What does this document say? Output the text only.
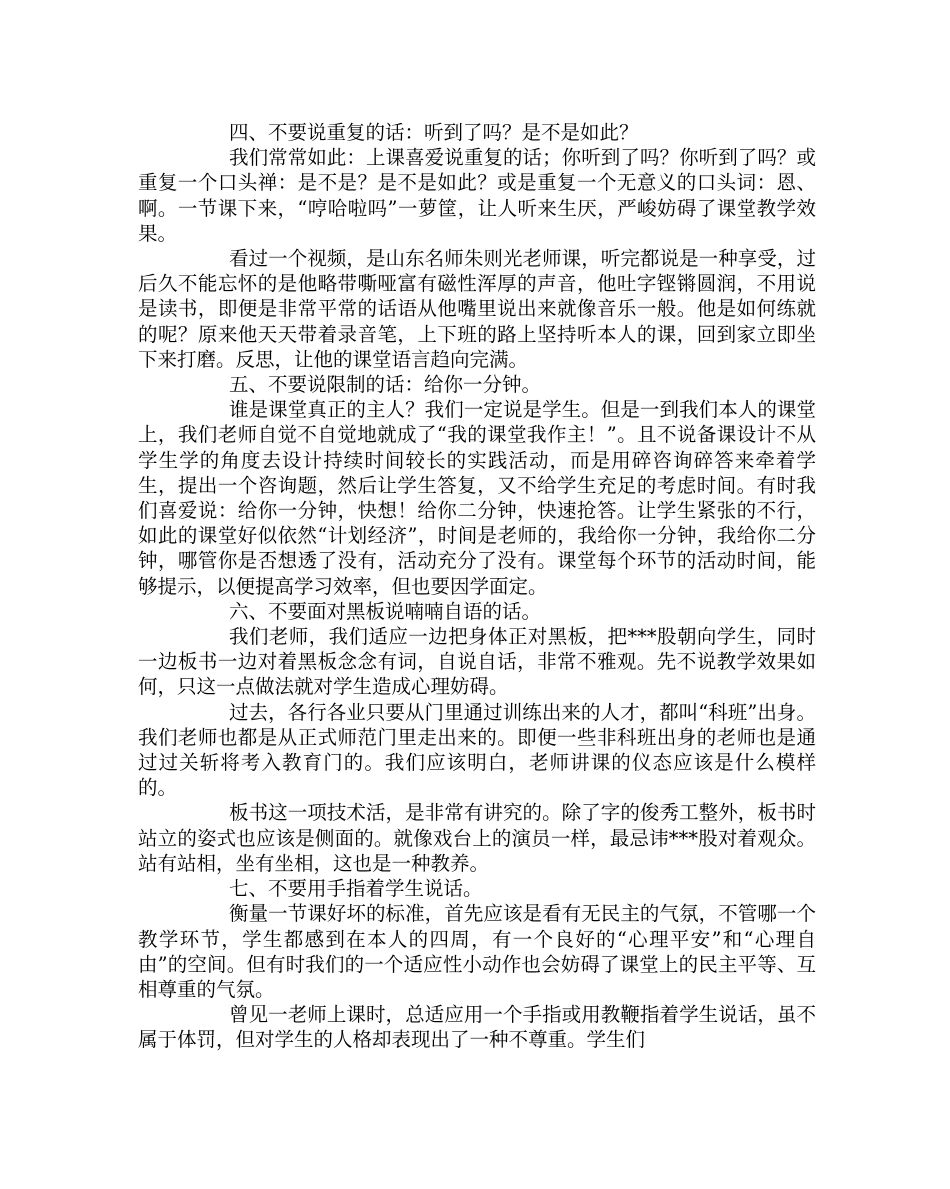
四、不要说重复的话：听到了吗？是不是如此？

我们常常如此：上课喜爱说重复的话；你听到了吗？你听到了吗？或重复一个口头禅：是不是？是不是如此？或是重复一个无意义的口头词：恩、啊。一节课下来，“哼哈啦吗”一萝筐，让人听来生厌，严峻妨碍了课堂教学效果。

看过一个视频，是山东名师朱则光老师课，听完都说是一种享受，过后久不能忘怀的是他略带嘶哑富有磁性浑厚的声音，他吐字铿锵圆润，不用说是读书，即便是非常平常的话语从他嘴里说出来就像音乐一般。他是如何练就的呢？原来他天天带着录音笔，上下班的路上坚持听本人的课，回到家立即坐下来打磨。反思，让他的课堂语言趋向完满。

五、不要说限制的话：给你一分钟。

谁是课堂真正的主人？我们一定说是学生。但是一到我们本人的课堂上，我们老师自觉不自觉地就成了“我的课堂我作主！”。且不说备课设计不从学生学的角度去设计持续时间较长的实践活动，而是用碎咨询碎答来牵着学生，提出一个咨询题，然后让学生答复，又不给学生充足的考虑时间。有时我们喜爱说：给你一分钟，快想！给你二分钟，快速抢答。让学生紧张的不行，如此的课堂好似依然“计划经济”，时间是老师的，我给你一分钟，我给你二分钟，哪管你是否想透了没有，活动充分了没有。课堂每个环节的活动时间，能够提示，以便提高学习效率，但也要因学面定。

六、不要面对黑板说喃喃自语的话。

我们老师，我们适应一边把身体正对黑板，把***股朝向学生，同时一边板书一边对着黑板念念有词，自说自话，非常不雅观。先不说教学效果如何，只这一点做法就对学生造成心理妨碍。

过去，各行各业只要从门里通过训练出来的人才，都叫“科班”出身。我们老师也都是从正式师范门里走出来的。即便一些非科班出身的老师也是通过过关斩将考入教育门的。我们应该明白，老师讲课的仪态应该是什么模样的。

板书这一项技术活，是非常有讲究的。除了字的俊秀工整外，板书时站立的姿式也应该是侧面的。就像戏台上的演员一样，最忌讳***股对着观众。站有站相，坐有坐相，这也是一种教养。

七、不要用手指着学生说话。

衡量一节课好坏的标准，首先应该是看有无民主的气氛，不管哪一个教学环节，学生都感到在本人的四周，有一个良好的“心理平安”和“心理自由”的空间。但有时我们的一个适应性小动作也会妨碍了课堂上的民主平等、互相尊重的气氛。

曾见一老师上课时，总适应用一个手指或用教鞭指着学生说话，虽不属于体罚，但对学生的人格却表现出了一种不尊重。学生们
